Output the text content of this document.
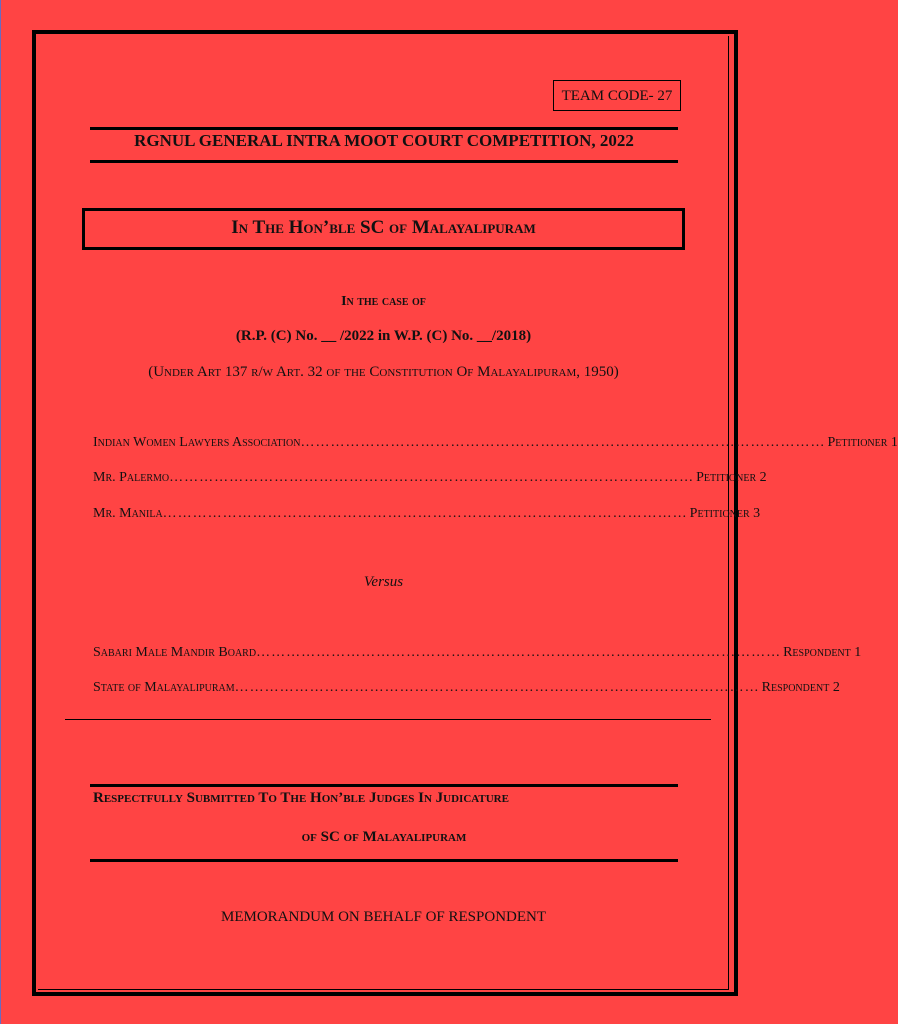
TEAM CODE- 27
RGNUL GENERAL INTRA MOOT COURT COMPETITION, 2022
In The Hon’ble SC of Malayalipuram
In the case of
(R.P. (C) No. __ /2022 in W.P. (C) No. __/2018)
(Under Art 137 r/w Art. 32 of the Constitution Of Malayalipuram, 1950)
Indian Women Lawyers Association …………………………………………………………………………………………… Petitioner 1
Mr. Palermo …………………………………………………………………………………………… Petitioner 2
Mr. Manila …………………………………………………………………………………………… Petitioner 3
Versus
Sabari Male Mandir Board …………………………………………………………………………………………… Respondent 1
State of Malayalipuram …………………………………………………………………………………………… Respondent 2
Respectfully Submitted To The Hon’ble Judges In Judicature
of SC of Malayalipuram
MEMORANDUM ON BEHALF OF RESPONDENT
